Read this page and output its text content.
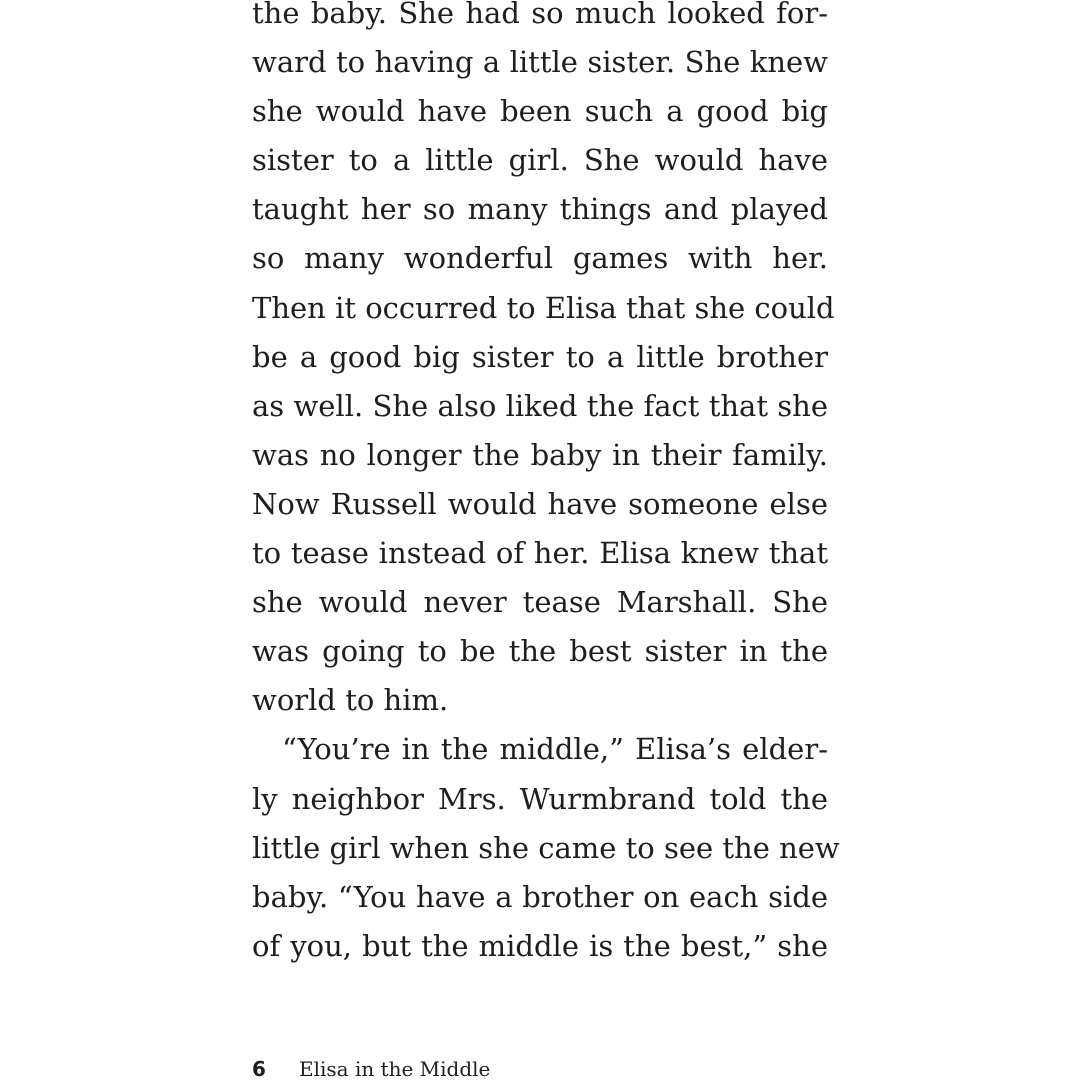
the baby. She had so much looked for-
ward to having a little sister. She knew
she would have been such a good big
sister to a little girl. She would have
taught her so many things and played
so many wonderful games with her.
Then it occurred to Elisa that she could
be a good big sister to a little brother
as well. She also liked the fact that she
was no longer the baby in their family.
Now Russell would have someone else
to tease instead of her. Elisa knew that
she would never tease Marshall. She
was going to be the best sister in the
world to him.
“You’re in the middle,” Elisa’s elder-
ly neighbor Mrs. Wurmbrand told the
little girl when she came to see the new
baby. “You have a brother on each side
of you, but the middle is the best,” she
6	Elisa in the Middle
